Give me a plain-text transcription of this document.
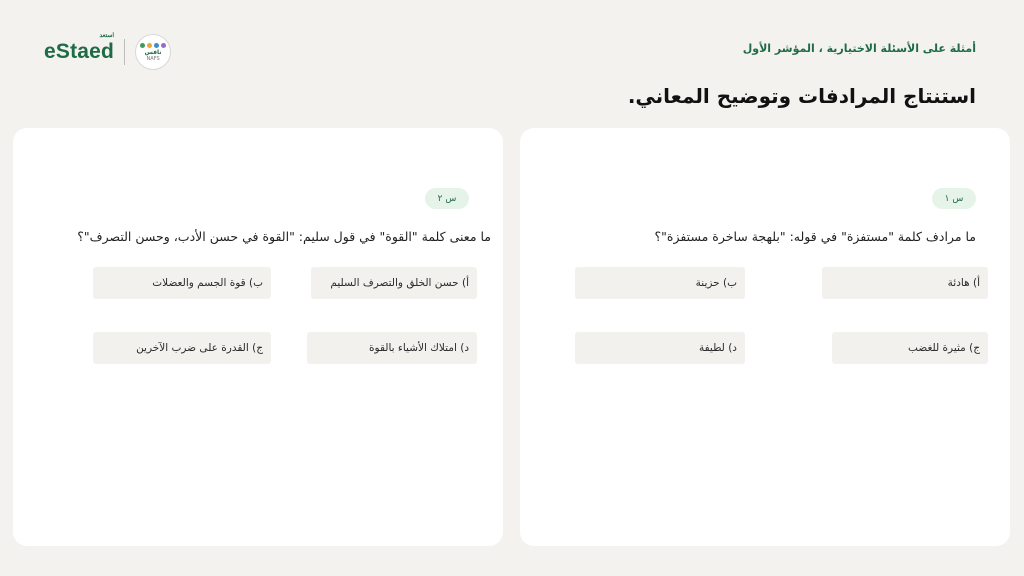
استعد
eStaed	نافس
NAFS
أمثلة على الأسئلة الاختيارية ، المؤشر الأول
استنتاج المرادفات وتوضيح المعاني.
س ١
ما مرادف كلمة "مستفزة" في قوله: "بلهجة ساخرة مستفزة"؟
أ) هادئة
ب) حزينة
ج) مثيرة للغضب
د) لطيفة
س ٢
ما معنى كلمة "القوة" في قول سليم: "القوة في حسن الأدب، وحسن التصرف"؟
أ) حسن الخلق والتصرف السليم
ب) قوة الجسم والعضلات
ج) القدرة على ضرب الآخرين	د) امتلاك الأشياء بالقوة
